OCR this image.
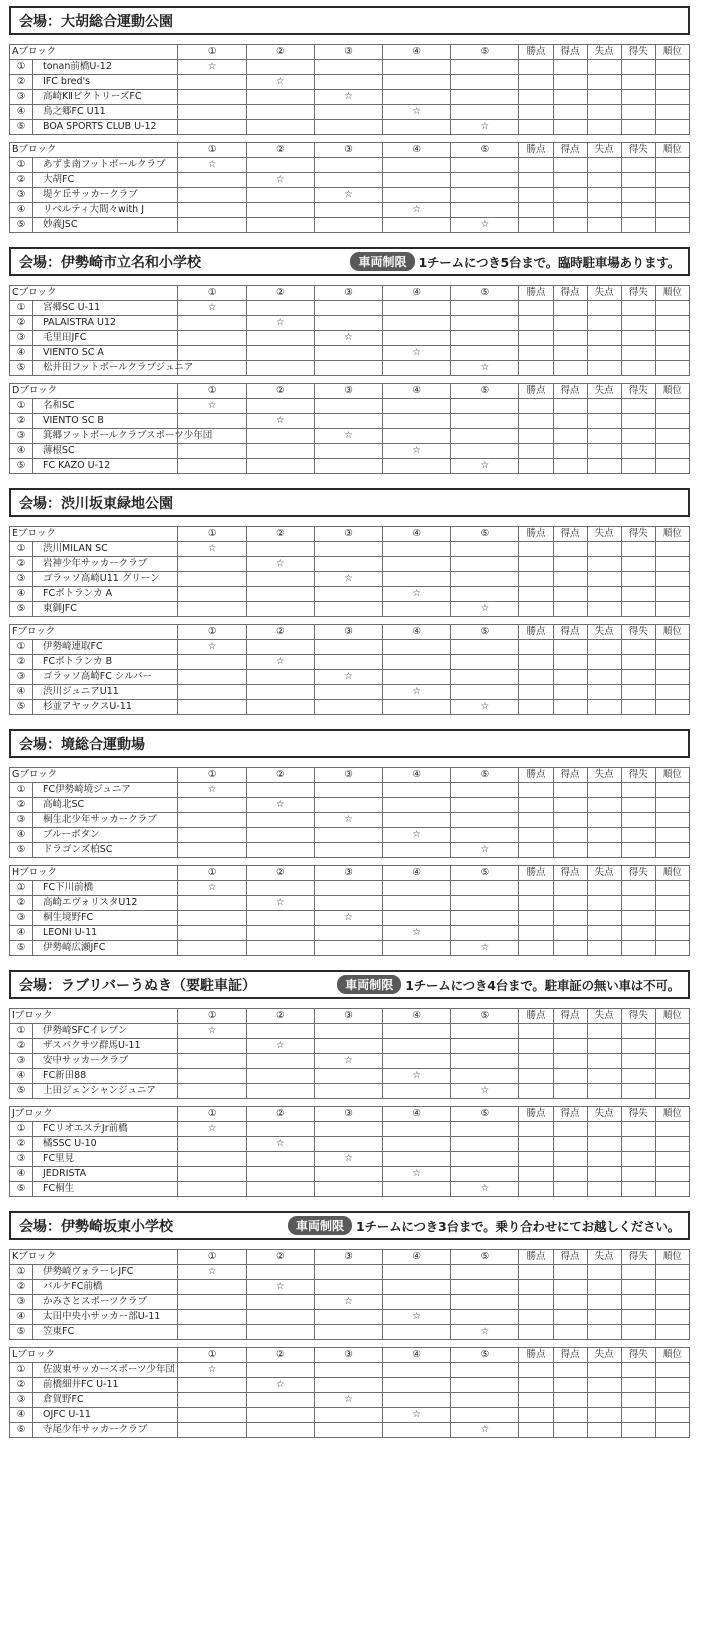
会場：大胡総合運動公園
Aブロック	①	②	③	④	⑤	勝点	得点	失点	得失	順位
① tonan前橋U-12	☆									
② IFC bred's		☆								
③ 高崎KⅡビクトリーズFC			☆							
④ 鳥之郷FC U11				☆						
⑤ BOA SPORTS CLUB U-12					☆					
Bブロック	①	②	③	④	⑤	勝点	得点	失点	得失	順位
① あずま南フットボールクラブ	☆									
② 大胡FC		☆								
③ 堤ケ丘サッカークラブ			☆							
④ リベルティ大間々with J				☆						
⑤ 妙義JSC					☆					
会場：伊勢崎市立名和小学校	車両制限 1チームにつき5台まで。臨時駐車場あります。
Cブロック	①	②	③	④	⑤	勝点	得点	失点	得失	順位
① 宮郷SC U-11	☆									
② PALAISTRA U12		☆								
③ 毛里田JFC			☆							
④ VIENTO SC A				☆						
⑤ 松井田フットボールクラブジュニア					☆					
Dブロック	①	②	③	④	⑤	勝点	得点	失点	得失	順位
① 名和SC	☆									
② VIENTO SC B		☆								
③ 箕郷フットボールクラブスポーツ少年団			☆							
④ 薄根SC				☆						
⑤ FC KAZO U-12					☆					
会場：渋川坂東緑地公園
Eブロック	①	②	③	④	⑤	勝点	得点	失点	得失	順位
① 渋川MILAN SC	☆									
② 岩神少年サッカークラブ		☆								
③ ゴラッソ高崎U11 グリーン			☆							
④ FCボトランカ A				☆						
⑤ 東御JFC					☆					
Fブロック	①	②	③	④	⑤	勝点	得点	失点	得失	順位
① 伊勢崎連取FC	☆									
② FCボトランカ B		☆								
③ ゴラッソ高崎FC シルバー			☆							
④ 渋川ジュニアU11				☆						
⑤ 杉並アヤックスU-11					☆					
会場：境総合運動場
Gブロック	①	②	③	④	⑤	勝点	得点	失点	得失	順位
① FC伊勢崎境ジュニア	☆									
② 高崎北SC		☆								
③ 桐生北少年サッカークラブ			☆							
④ ブルーボタン				☆						
⑤ ドラゴンズ柏SC					☆					
Hブロック	①	②	③	④	⑤	勝点	得点	失点	得失	順位
① FC下川前橋	☆									
② 高崎エヴォリスタU12		☆								
③ 桐生境野FC			☆							
④ LEONI U-11				☆						
⑤ 伊勢崎広瀬JFC					☆					
会場：ラブリバーうぬき（要駐車証）	車両制限 1チームにつき4台まで。駐車証の無い車は不可。
Iブロック	①	②	③	④	⑤	勝点	得点	失点	得失	順位
① 伊勢崎SFCイレブン	☆									
② ザスパクサツ群馬U-11		☆								
③ 安中サッカークラブ			☆							
④ FC新田88				☆						
⑤ 上田ジェンシャンジュニア					☆					
Jブロック	①	②	③	④	⑤	勝点	得点	失点	得失	順位
① FCリオエステJr前橋	☆									
② 橘SSC U-10		☆								
③ FC里見			☆							
④ JEDRISTA				☆						
⑤ FC桐生					☆					
会場：伊勢崎坂東小学校	車両制限 1チームにつき3台まで。乗り合わせにてお越しください。
Kブロック	①	②	③	④	⑤	勝点	得点	失点	得失	順位
① 伊勢崎ヴォラーレJFC	☆									
② バルケFC前橋		☆								
③ かみさとスポーツクラブ			☆							
④ 太田中央小サッカー部U-11				☆						
⑤ 笠東FC					☆					
Lブロック	①	②	③	④	⑤	勝点	得点	失点	得失	順位
① 佐波東サッカースポーツ少年団	☆									
② 前橋細井FC U-11		☆								
③ 倉賀野FC			☆							
④ OJFC U-11				☆						
⑤ 寺尾少年サッカークラブ					☆					
